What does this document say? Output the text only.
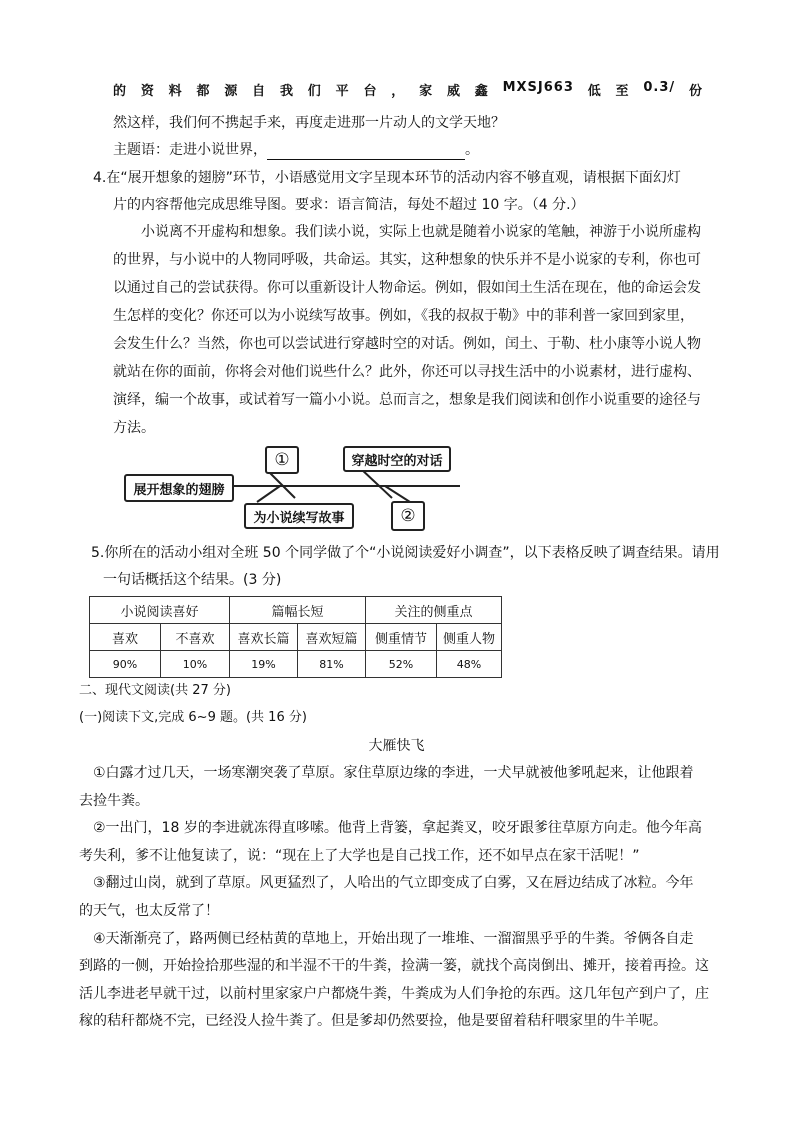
的 资 料 都 源 自 我 们 平 台 ， 家 威 鑫 MXSJ663 低 至 0.3/ 份
然这样，我们何不携起手来，再度走进那一片动人的文学天地？
主题语：走进小说世界，	。
4.在“展开想象的翅膀”环节，小语感觉用文字呈现本环节的活动内容不够直观，请根据下面幻灯
片的内容帮他完成思维导图。要求：语言简洁，每处不超过 10 字。（4 分.）
小说离不开虚构和想象。我们读小说，实际上也就是随着小说家的笔触，神游于小说所虚构
的世界，与小说中的人物同呼吸，共命运。其实，这种想象的快乐并不是小说家的专利，你也可
以通过自己的尝试获得。你可以重新设计人物命运。例如，假如闰土生活在现在，他的命运会发
生怎样的变化？你还可以为小说续写故事。例如，《我的叔叔于勒》中的菲利普一家回到家里，
会发生什么？当然，你也可以尝试进行穿越时空的对话。例如，闰土、于勒、杜小康等小说人物
就站在你的面前，你将会对他们说些什么？此外，你还可以寻找生活中的小说素材，进行虚构、
演绎，编一个故事，或试着写一篇小小说。总而言之，想象是我们阅读和创作小说重要的途径与
方法。
展开想象的翅膀
①	穿越时空的对话
为小说续写故事	②
5.你所在的活动小组对全班 50 个同学做了个“小说阅读爱好小调查”，以下表格反映了调查结果。请用
一句话概括这个结果。(3 分)
小说阅读喜好		篇幅长短		关注的侧重点	
喜欢	不喜欢	喜欢长篇	喜欢短篇	侧重情节	侧重人物
90%	10%	19%	81%	52%	48%
二、现代文阅读(共 27 分)
(一)阅读下文,完成 6~9 题。(共 16 分)
大雁快飞
①白露才过几天，一场寒潮突袭了草原。家住草原边缘的李进，一犬早就被他爹吼起来，让他跟着
去捡牛粪。
②一出门，18 岁的李进就冻得直哆嗦。他背上背篓，拿起粪叉，咬牙跟爹往草原方向走。他今年高
考失利，爹不让他复读了，说：“现在上了大学也是自己找工作，还不如早点在家干活呢！”
③翻过山岗，就到了草原。风更猛烈了，人哈出的气立即变成了白雾，又在唇边结成了冰粒。今年
的天气，也太反常了！
④天渐渐亮了，路两侧已经枯黄的草地上，开始出现了一堆堆、一溜溜黑乎乎的牛粪。爷俩各自走
到路的一侧，开始捡拾那些湿的和半湿不干的牛粪，捡满一篓，就找个高岗倒出、摊开，接着再捡。这
活儿李进老早就干过，以前村里家家户户都烧牛粪，牛粪成为人们争抢的东西。这几年包产到户了，庄
稼的秸秆都烧不完，已经没人捡牛粪了。但是爹却仍然要捡，他是要留着秸秆喂家里的牛羊呢。
